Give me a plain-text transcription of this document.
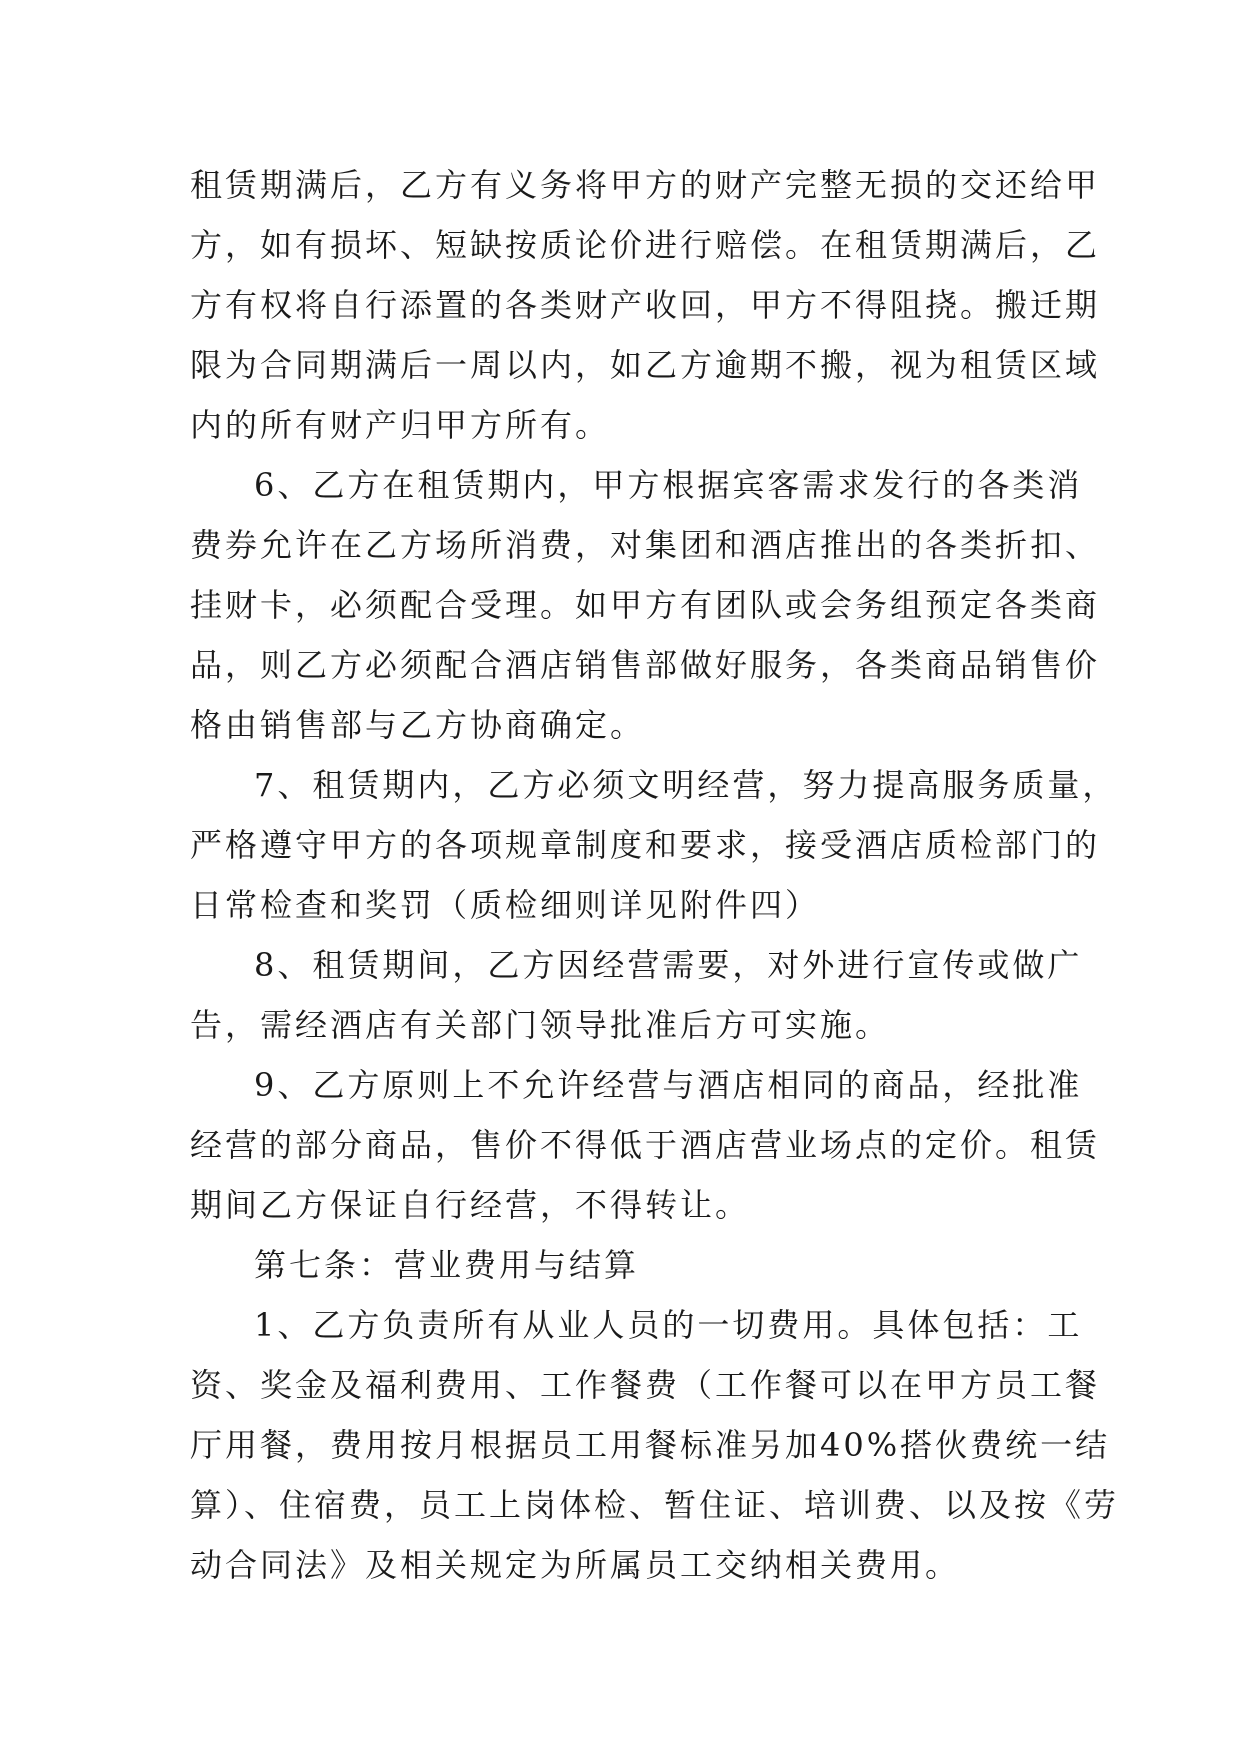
租赁期满后，乙方有义务将甲方的财产完整无损的交还给甲
方，如有损坏、短缺按质论价进行赔偿。在租赁期满后，乙
方有权将自行添置的各类财产收回，甲方不得阻挠。搬迁期
限为合同期满后一周以内，如乙方逾期不搬，视为租赁区域
内的所有财产归甲方所有。
6、乙方在租赁期内，甲方根据宾客需求发行的各类消
费券允许在乙方场所消费，对集团和酒店推出的各类折扣、
挂财卡，必须配合受理。如甲方有团队或会务组预定各类商
品，则乙方必须配合酒店销售部做好服务，各类商品销售价
格由销售部与乙方协商确定。
7、租赁期内，乙方必须文明经营，努力提高服务质量，
严格遵守甲方的各项规章制度和要求，接受酒店质检部门的
日常检查和奖罚（质检细则详见附件四）
8、租赁期间，乙方因经营需要，对外进行宣传或做广
告，需经酒店有关部门领导批准后方可实施。
9、乙方原则上不允许经营与酒店相同的商品，经批准
经营的部分商品，售价不得低于酒店营业场点的定价。租赁
期间乙方保证自行经营，不得转让。
第七条：营业费用与结算
1、乙方负责所有从业人员的一切费用。具体包括：工
资、奖金及福利费用、工作餐费（工作餐可以在甲方员工餐
厅用餐，费用按月根据员工用餐标准另加40%搭伙费统一结
算）、住宿费，员工上岗体检、暂住证、培训费、以及按《劳
动合同法》及相关规定为所属员工交纳相关费用。
